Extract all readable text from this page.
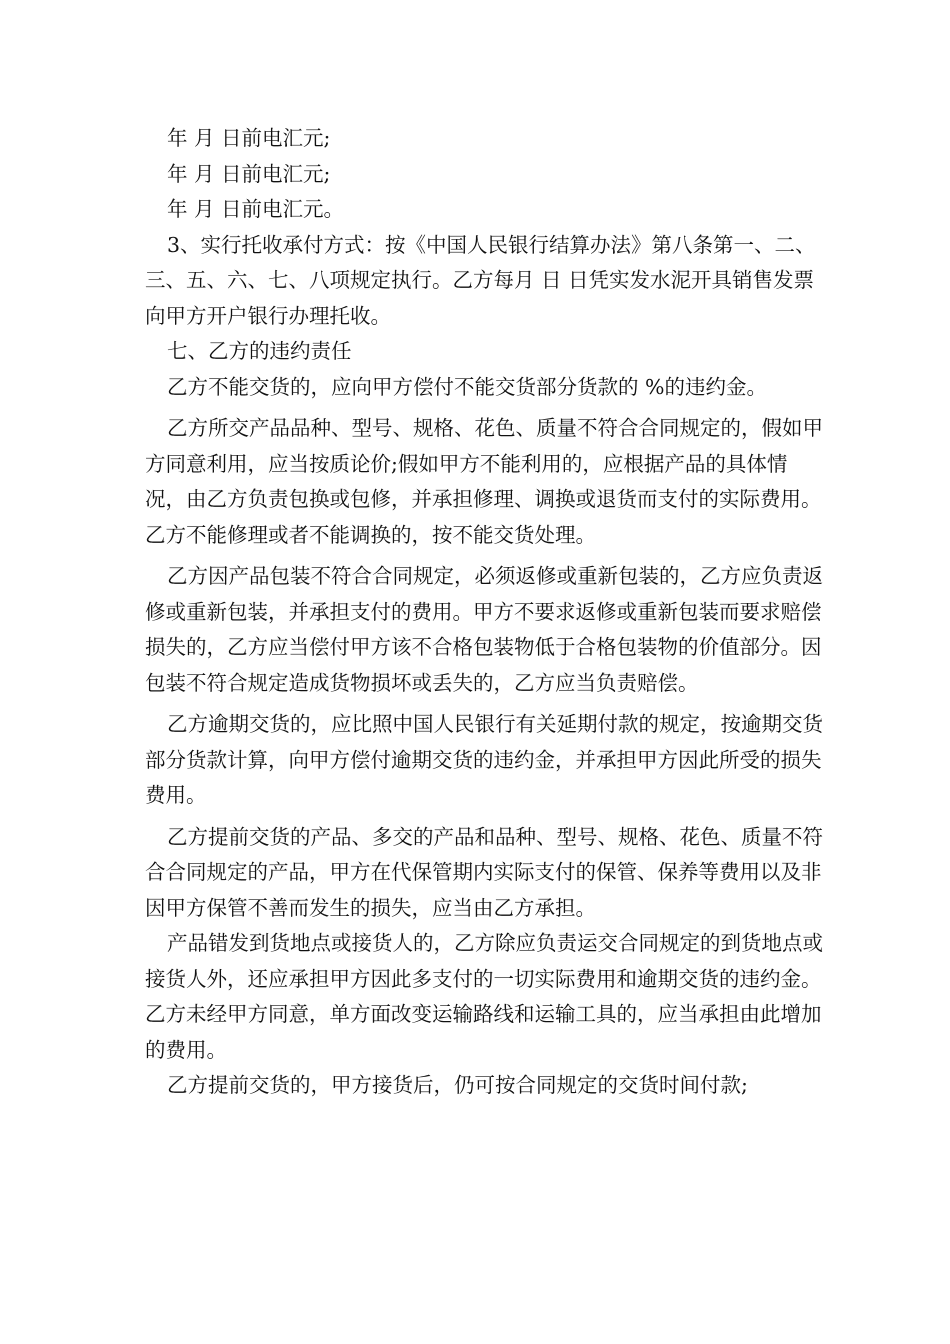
年 月 日前电汇元;

年 月 日前电汇元;

年 月 日前电汇元。

3、实行托收承付方式：按《中国人民银行结算办法》第八条第一、二、三、五、六、七、八项规定执行。乙方每月 日 日凭实发水泥开具销售发票向甲方开户银行办理托收。

七、乙方的违约责任

乙方不能交货的，应向甲方偿付不能交货部分货款的 %的违约金。

乙方所交产品品种、型号、规格、花色、质量不符合合同规定的，假如甲方同意利用，应当按质论价;假如甲方不能利用的，应根据产品的具体情况，由乙方负责包换或包修，并承担修理、调换或退货而支付的实际费用。乙方不能修理或者不能调换的，按不能交货处理。

乙方因产品包装不符合合同规定，必须返修或重新包装的，乙方应负责返修或重新包装，并承担支付的费用。甲方不要求返修或重新包装而要求赔偿损失的，乙方应当偿付甲方该不合格包装物低于合格包装物的价值部分。因包装不符合规定造成货物损坏或丢失的，乙方应当负责赔偿。

乙方逾期交货的，应比照中国人民银行有关延期付款的规定，按逾期交货部分货款计算，向甲方偿付逾期交货的违约金，并承担甲方因此所受的损失费用。

乙方提前交货的产品、多交的产品和品种、型号、规格、花色、质量不符合合同规定的产品，甲方在代保管期内实际支付的保管、保养等费用以及非因甲方保管不善而发生的损失，应当由乙方承担。

产品错发到货地点或接货人的，乙方除应负责运交合同规定的到货地点或接货人外，还应承担甲方因此多支付的一切实际费用和逾期交货的违约金。乙方未经甲方同意，单方面改变运输路线和运输工具的，应当承担由此增加的费用。

乙方提前交货的，甲方接货后，仍可按合同规定的交货时间付款;
